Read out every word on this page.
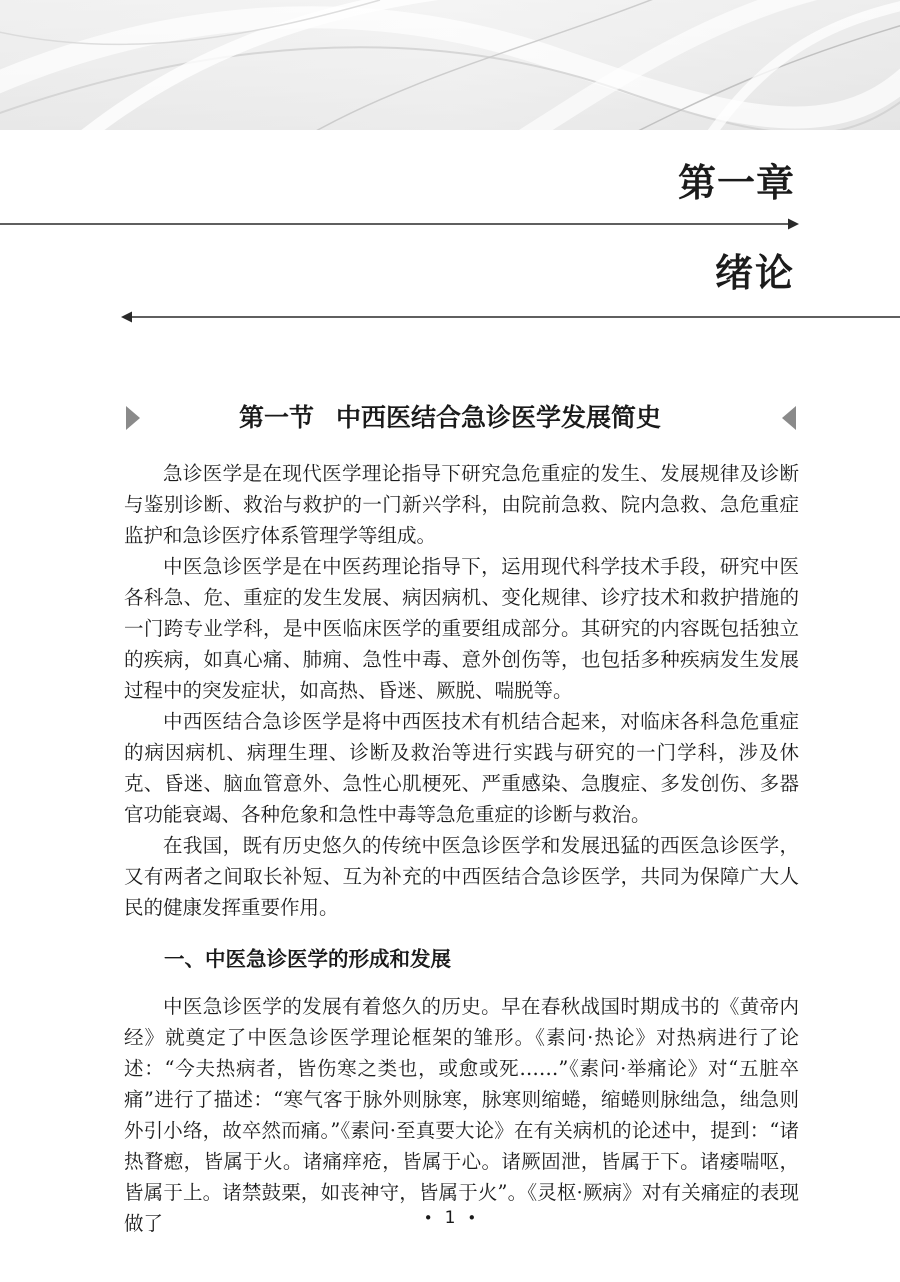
第一章
绪论
第一节 中西医结合急诊医学发展简史

急诊医学是在现代医学理论指导下研究急危重症的发生、发展规律及诊断与鉴别诊断、救治与救护的一门新兴学科，由院前急救、院内急救、急危重症监护和急诊医疗体系管理学等组成。

中医急诊医学是在中医药理论指导下，运用现代科学技术手段，研究中医各科急、危、重症的发生发展、病因病机、变化规律、诊疗技术和救护措施的一门跨专业学科，是中医临床医学的重要组成部分。其研究的内容既包括独立的疾病，如真心痛、肺痈、急性中毒、意外创伤等，也包括多种疾病发生发展过程中的突发症状，如高热、昏迷、厥脱、喘脱等。

中西医结合急诊医学是将中西医技术有机结合起来，对临床各科急危重症的病因病机、病理生理、诊断及救治等进行实践与研究的一门学科，涉及休克、昏迷、脑血管意外、急性心肌梗死、严重感染、急腹症、多发创伤、多器官功能衰竭、各种危象和急性中毒等急危重症的诊断与救治。

在我国，既有历史悠久的传统中医急诊医学和发展迅猛的西医急诊医学，又有两者之间取长补短、互为补充的中西医结合急诊医学，共同为保障广大人民的健康发挥重要作用。

一、中医急诊医学的形成和发展

中医急诊医学的发展有着悠久的历史。早在春秋战国时期成书的《黄帝内经》就奠定了中医急诊医学理论框架的雏形。《素问·热论》对热病进行了论述：“今夫热病者，皆伤寒之类也，或愈或死……”《素问·举痛论》对“五脏卒痛”进行了描述：“寒气客于脉外则脉寒，脉寒则缩蜷，缩蜷则脉绌急，绌急则外引小络，故卒然而痛。”《素问·至真要大论》在有关病机的论述中，提到：“诸热瞀瘛，皆属于火。诸痛痒疮，皆属于心。诸厥固泄，皆属于下。诸痿喘呕，皆属于上。诸禁鼓栗，如丧神守，皆属于火”。《灵枢·厥病》对有关痛症的表现做了	• 1 •
